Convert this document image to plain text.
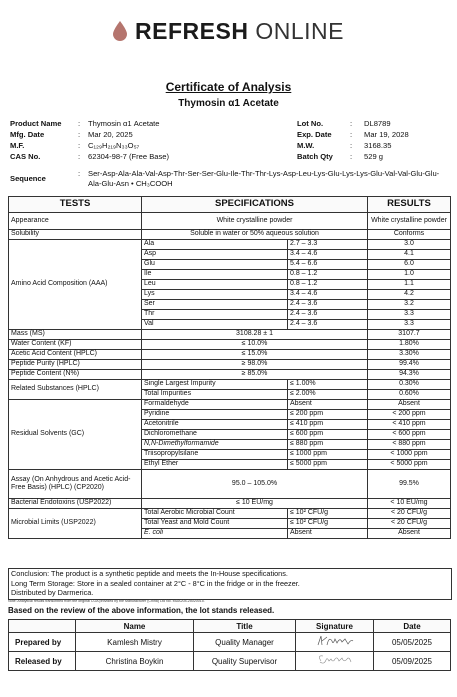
REFRESH ONLINE
Certificate of Analysis
Thymosin α1 Acetate
Product Name : Thymosin α1 Acetate	Lot No.	: DL8789
Mfg. Date	: Mar 20, 2025	Exp. Date : Mar 19, 2028
M.F.	: C₁₂₉H₂₁₉N₃₃O₅₇	M.W.	: 3168.35
CAS No.	: 62304-98-7 (Free Base)	Batch Qty : 529 g
Sequence
: Ser-Asp-Ala-Ala-Val-Asp-Thr-Ser-Ser-Glu-Ile-Thr-Thr-Lys-Asp-Leu-Lys-Glu-Lys-Lys-Glu-Val-Val-Glu-Glu-Ala-Glu-Asn • CH₃COOH
TESTS	SPECIFICATIONS		RESULTS
Appearance	White crystalline powder		White crystalline powder
Solubility	Soluble in water or 50% aqueous solution		Conforms
Amino Acid Composition (AAA)	Ala	2.7 – 3.3	3.0
	Asp	3.4 – 4.6	4.1
	Glu	5.4 – 6.6	6.0
	Ile	0.8 – 1.2	1.0
	Leu	0.8 – 1.2	1.1
	Lys	3.4 – 4.6	4.2
	Ser	2.4 – 3.6	3.2
	Thr	2.4 – 3.6	3.3
	Val	2.4 – 3.6	3.3
Mass (MS)	3108.28 ± 1		3107.7
Water Content (KF)	≤ 10.0%		1.80%
Acetic Acid Content (HPLC)	≤ 15.0%		3.30%
Peptide Purity (HPLC)	≥ 98.0%		99.4%
Peptide Content (N%)	≥ 85.0%		94.3%
Related Substances (HPLC)	Single Largest Impurity	≤ 1.00%	0.30%
	Total Impurities	≤ 2.00%	0.60%
Residual Solvents (GC)	Formaldehyde	Absent	Absent
	Pyridine	≤ 200 ppm	< 200 ppm
	Acetonitrile	≤ 410 ppm	< 410 ppm
	Dichloromethane	≤ 600 ppm	< 600 ppm
	N,N-Dimethylformamide	≤ 880 ppm	< 880 ppm
	Triisopropylsilane	≤ 1000 ppm	< 1000 ppm
	Ethyl Ether	≤ 5000 ppm	< 5000 ppm
Assay (On Anhydrous and Acetic Acid-Free Basis) (HPLC) (CP2020)	95.0 – 105.0%		99.5%
Bacterial Endotoxins (USP2022)	≤ 10 EU/mg		< 10 EU/mg
Microbial Limits (USP2022)	Total Aerobic Microbial Count	≤ 10² CFU/g	< 20 CFU/g
	Total Yeast and Mold Count	≤ 10² CFU/g	< 20 CFU/g
	E. coli	Absent	Absent
Conclusion: The product is a synthetic peptide and meets the In-House specifications.
Long Term Storage: Store in a sealed container at 2°C - 8°C in the fridge or in the freezer.
Distributed by Darmerica.
Note: Analytical results transcribed from the original COA provided by the Manufacturer (China) Ltd No. MDA204-25020015.
Based on the review of the above information, the lot stands released.
	Name	Title	Signature	Date
Prepared by	Kamlesh Mistry	Quality Manager		05/05/2025
Released by	Christina Boykin	Quality Supervisor		05/09/2025
